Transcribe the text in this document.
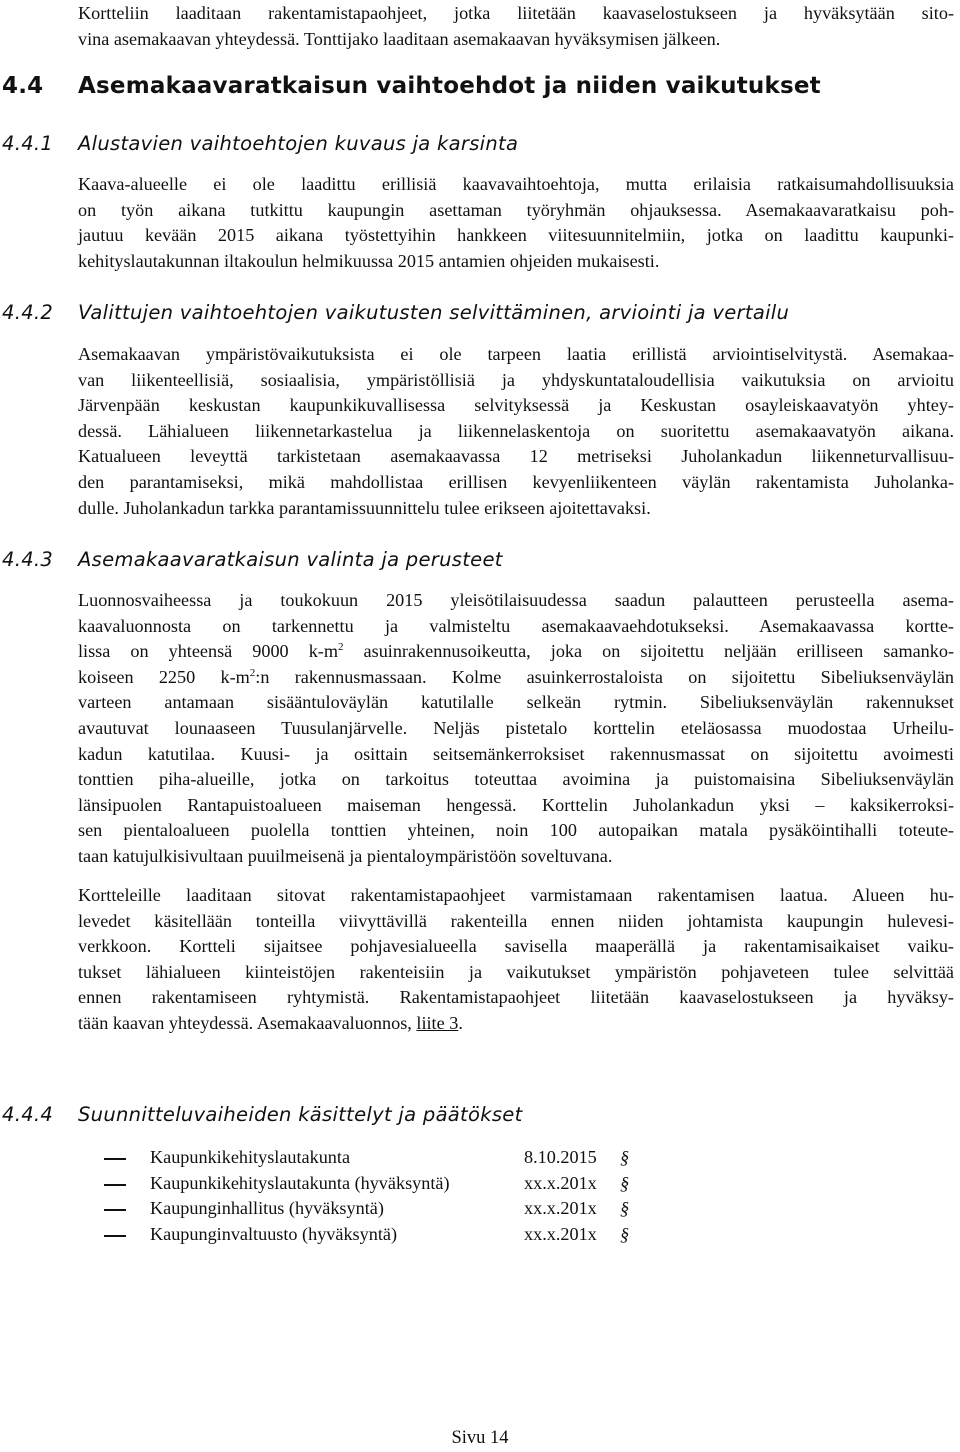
Kortteliin laaditaan rakentamistapaohjeet, jotka liitetään kaavaselostukseen ja hyväksytään sito-
vina asemakaavan yhteydessä. Tonttijako laaditaan asemakaavan hyväksymisen jälkeen.
4.4 Asemakaavaratkaisun vaihtoehdot ja niiden vaikutukset
4.4.1 Alustavien vaihtoehtojen kuvaus ja karsinta
Kaava-alueelle ei ole laadittu erillisiä kaavavaihtoehtoja, mutta erilaisia ratkaisumahdollisuuksia
on työn aikana tutkittu kaupungin asettaman työryhmän ohjauksessa. Asemakaavaratkaisu poh-
jautuu kevään 2015 aikana työstettyihin hankkeen viitesuunnitelmiin, jotka on laadittu kaupunki-
kehityslautakunnan iltakoulun helmikuussa 2015 antamien ohjeiden mukaisesti.
4.4.2 Valittujen vaihtoehtojen vaikutusten selvittäminen, arviointi ja vertailu
Asemakaavan ympäristövaikutuksista ei ole tarpeen laatia erillistä arviointiselvitystä. Asemakaa-
van liikenteellisiä, sosiaalisia, ympäristöllisiä ja yhdyskuntataloudellisia vaikutuksia on arvioitu
Järvenpään keskustan kaupunkikuvallisessa selvityksessä ja Keskustan osayleiskaavatyön yhtey-
dessä. Lähialueen liikennetarkastelua ja liikennelaskentoja on suoritettu asemakaavatyön aikana.
Katualueen leveyttä tarkistetaan asemakaavassa 12 metriseksi Juholankadun liikenneturvallisuu-
den parantamiseksi, mikä mahdollistaa erillisen kevyenliikenteen väylän rakentamista Juholanka-
dulle. Juholankadun tarkka parantamissuunnittelu tulee erikseen ajoitettavaksi.
4.4.3 Asemakaavaratkaisun valinta ja perusteet
Luonnosvaiheessa ja toukokuun 2015 yleisötilaisuudessa saadun palautteen perusteella asema-
kaavaluonnosta on tarkennettu ja valmisteltu asemakaavaehdotukseksi. Asemakaavassa kortte-
lissa on yhteensä 9000 $k-m^2$ asuinrakennusoikeutta, joka on sijoitettu neljään erilliseen samanko-
koiseen 2250 $k-m^2:n$ rakennusmassaan. Kolme asuinkerrostaloista on sijoitettu Sibeliuksenväylän
varteen antamaan sisääntuloväylän katutilalle selkeän rytmin. Sibeliuksenväylän rakennukset
avautuvat lounaaseen Tuusulanjärvelle. Neljäs pistetalo korttelin eteläosassa muodostaa Urheilu-
kadun katutilaa. Kuusi- ja osittain seitsemänkerroksiset rakennusmassat on sijoitettu avoimesti
tonttien piha-alueille, jotka on tarkoitus toteuttaa avoimina ja puistomaisina Sibeliuksenväylän
länsipuolen Rantapuistoalueen maiseman hengessä. Korttelin Juholankadun yksi – kaksikerroksi-
sen pientaloalueen puolella tonttien yhteinen, noin 100 autopaikan matala pysäköintihalli toteute-
taan katujulkisivultaan puuilmeisenä ja pientaloympäristöön soveltuvana.
Kortteleille laaditaan sitovat rakentamistapaohjeet varmistamaan rakentamisen laatua. Alueen hu-
levedet käsitellään tonteilla viivyttävillä rakenteilla ennen niiden johtamista kaupungin hulevesi-
verkkoon. Kortteli sijaitsee pohjavesialueella savisella maaperällä ja rakentamisaikaiset vaiku-
tukset lähialueen kiinteistöjen rakenteisiin ja vaikutukset ympäristön pohjaveteen tulee selvittää
ennen rakentamiseen ryhtymistä. Rakentamistapaohjeet liitetään kaavaselostukseen ja hyväksy-
tään kaavan yhteydessä. Asemakaavaluonnos, liite 3.
4.4.4 Suunnitteluvaiheiden käsittelyt ja päätökset
Kaupunkikehityslautakunta	8.10.2015 §
Kaupunkikehityslautakunta (hyväksyntä)	xx.x.201x §
Kaupunginhallitus (hyväksyntä)	xx.x.201x §
Kaupunginvaltuusto (hyväksyntä)	xx.x.201x §
Sivu 14
